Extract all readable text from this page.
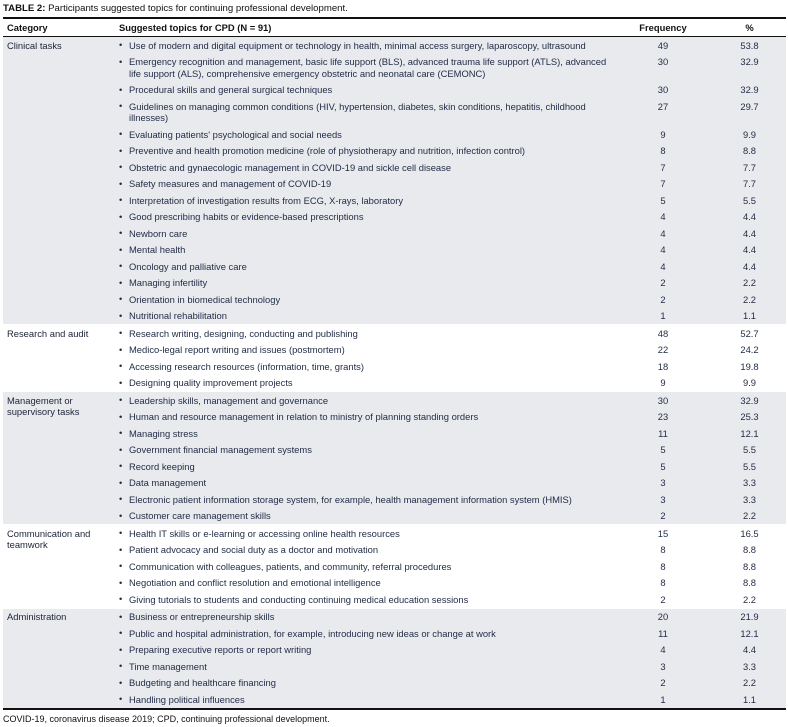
TABLE 2: Participants suggested topics for continuing professional development.
Category	Suggested topics for CPD (N = 91)	Frequency	%
Clinical tasks	• Use of modern and digital equipment or technology in health, minimal access surgery, laparoscopy, ultrasound	49	53.8

	• Emergency recognition and management, basic life support (BLS), advanced trauma life support (ATLS), advanced life support (ALS), comprehensive emergency obstetric and neonatal care (CEMONC)	30	32.9

	• Procedural skills and general surgical techniques	30	32.9

	• Guidelines on managing common conditions (HIV, hypertension, diabetes, skin conditions, hepatitis, childhood illnesses)	27	29.7

	• Evaluating patients' psychological and social needs	9	9.9

	• Preventive and health promotion medicine (role of physiotherapy and nutrition, infection control)	8	8.8

	• Obstetric and gynaecologic management in COVID-19 and sickle cell disease	7	7.7

	• Safety measures and management of COVID-19	7	7.7

	• Interpretation of investigation results from ECG, X-rays, laboratory	5	5.5

	• Good prescribing habits or evidence-based prescriptions	4	4.4

	• Newborn care	4	4.4

	• Mental health	4	4.4

	• Oncology and palliative care	4	4.4

	• Managing infertility	2	2.2

	• Orientation in biomedical technology	2	2.2

	• Nutritional rehabilitation	1	1.1
Research and audit	• Research writing, designing, conducting and publishing	48	52.7

	• Medico-legal report writing and issues (postmortem)	22	24.2

	• Accessing research resources (information, time, grants)	18	19.8

	• Designing quality improvement projects	9	9.9
Management or supervisory tasks	• Leadership skills, management and governance	30	32.9

	• Human and resource management in relation to ministry of planning standing orders	23	25.3

	• Managing stress	11	12.1

	• Government financial management systems	5	5.5

	• Record keeping	5	5.5

	• Data management	3	3.3

	• Electronic patient information storage system, for example, health management information system (HMIS)	3	3.3

	• Customer care management skills	2	2.2
Communication and teamwork	• Health IT skills or e-learning or accessing online health resources	15	16.5

	• Patient advocacy and social duty as a doctor and motivation	8	8.8

	• Communication with colleagues, patients, and community, referral procedures	8	8.8

	• Negotiation and conflict resolution and emotional intelligence	8	8.8

	• Giving tutorials to students and conducting continuing medical education sessions	2	2.2
Administration	• Business or entrepreneurship skills	20	21.9

	• Public and hospital administration, for example, introducing new ideas or change at work	11	12.1

	• Preparing executive reports or report writing	4	4.4

	• Time management	3	3.3

	• Budgeting and healthcare financing	2	2.2

	• Handling political influences	1	1.1
COVID-19, coronavirus disease 2019; CPD, continuing professional development.
